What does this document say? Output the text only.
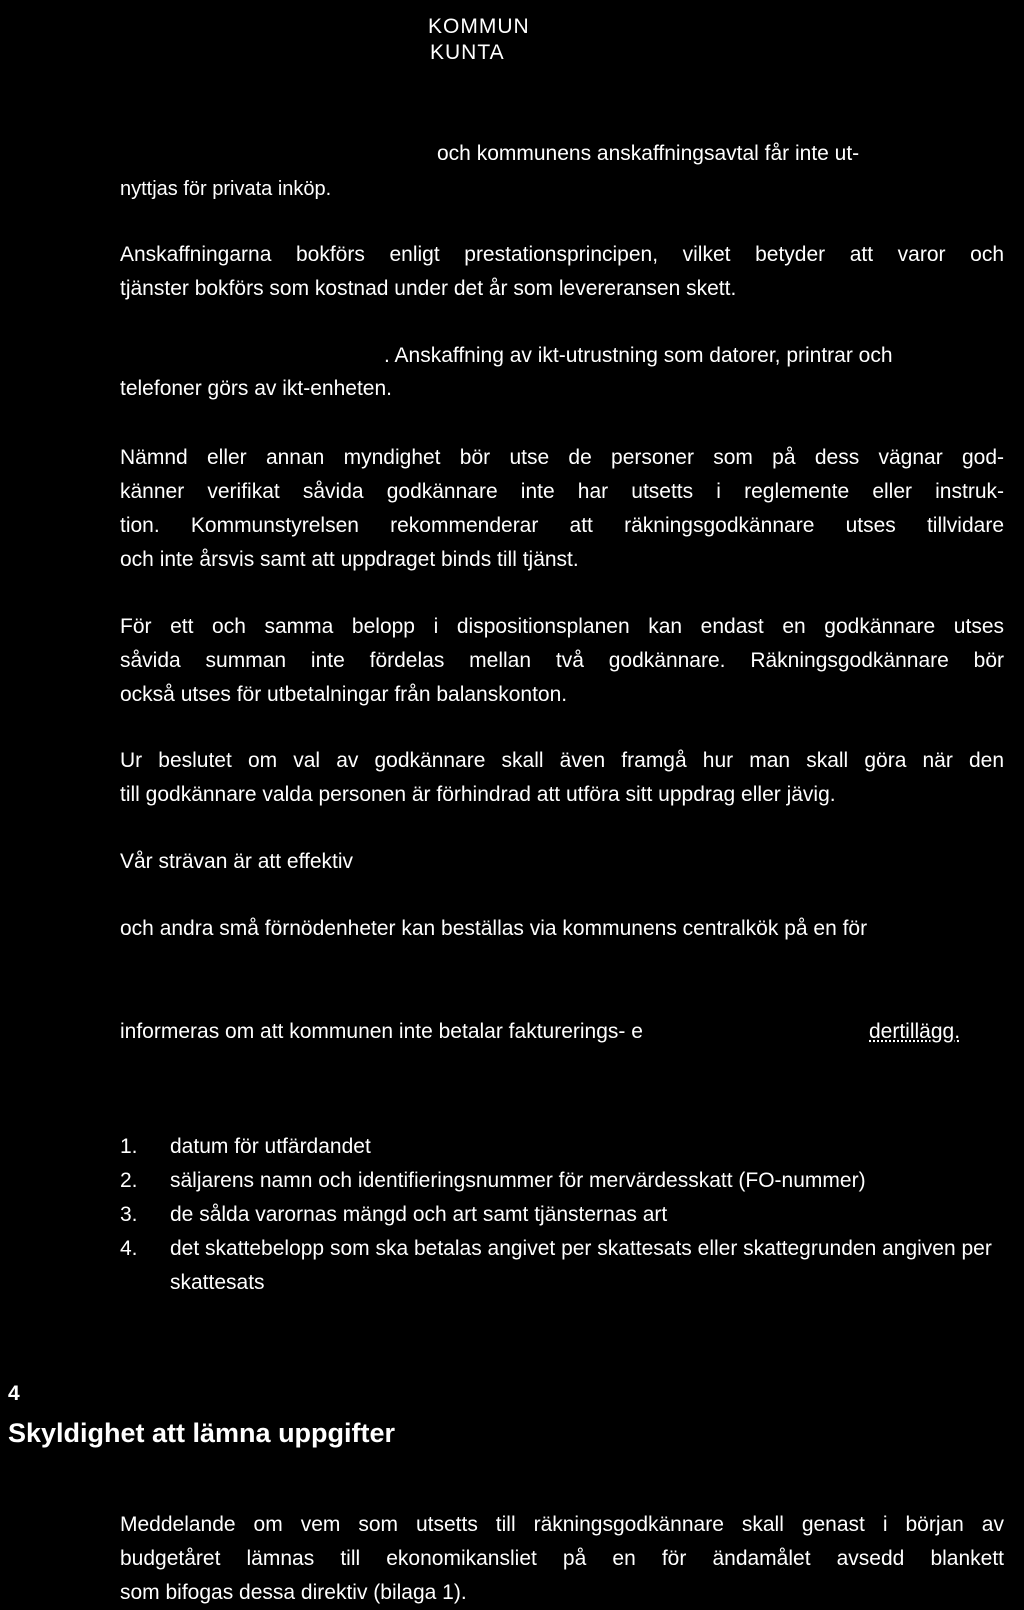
KOMMUN
KUNTA
och kommunens anskaffningsavtal får inte ut-
nyttjas för privata inköp.
Anskaffningarna bokförs enligt prestationsprincipen, vilket betyder att varor och
tjänster bokförs som kostnad under det år som levereransen skett.
. Anskaffning av ikt-utrustning som datorer, printrar och
telefoner görs av ikt-enheten.
Nämnd eller annan myndighet bör utse de personer som på dess vägnar god-
känner verifikat såvida godkännare inte har utsetts i reglemente eller instruk-
tion. Kommunstyrelsen rekommenderar att räkningsgodkännare utses tillvidare
och inte årsvis samt att uppdraget binds till tjänst.
För ett och samma belopp i dispositionsplanen kan endast en godkännare utses
såvida summan inte fördelas mellan två godkännare. Räkningsgodkännare bör
också utses för utbetalningar från balanskonton.
Ur beslutet om val av godkännare skall även framgå hur man skall göra när den
till godkännare valda personen är förhindrad att utföra sitt uppdrag eller jävig.
Vår strävan är att effektiv
och andra små förnödenheter kan beställas via kommunens centralkök på en för
informeras om att kommunen inte betalar fakturerings- e	dertillägg.
1.	datum för utfärdandet
2.	säljarens namn och identifieringsnummer för mervärdesskatt (FO-nummer)
3.	de sålda varornas mängd och art samt tjänsternas art
4.	det skattebelopp som ska betalas angivet per skattesats eller skattegrunden angiven per skattesats
4
Skyldighet att lämna uppgifter
Meddelande om vem som utsetts till räkningsgodkännare skall genast i början av
budgetåret lämnas till ekonomikansliet på en för ändamålet avsedd blankett
som bifogas dessa direktiv (bilaga 1).
